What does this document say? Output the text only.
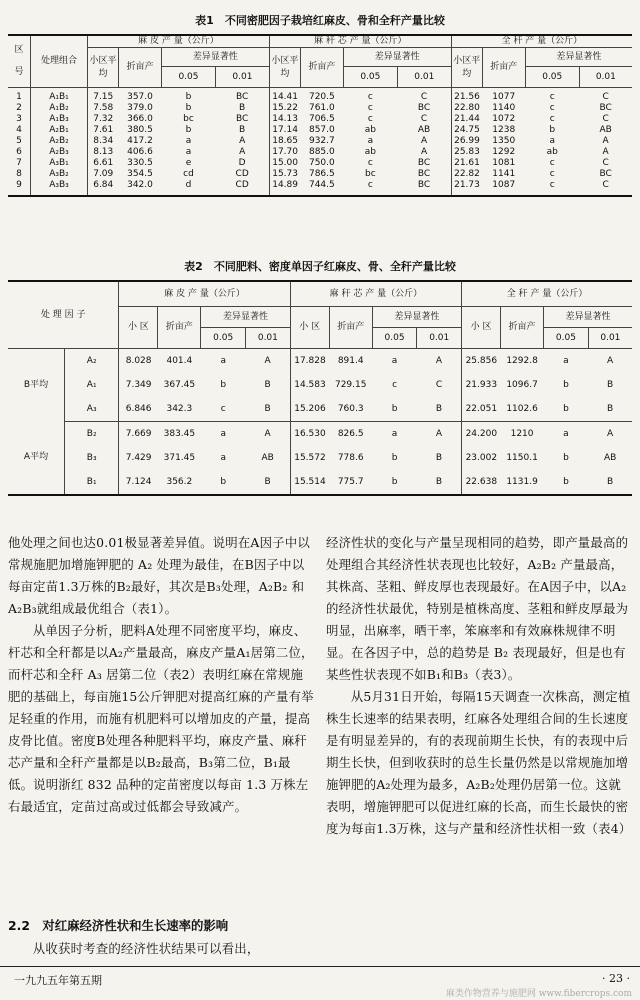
表1　不同密肥因子栽培红麻皮、骨和全秆产量比较
区

号	处理组合	麻 皮 产 量（公斤）				麻 秆 芯 产 量（公斤）				全 秆 产 量（公斤）			
		小区平均	折亩产	差异显著性		小区平均	折亩产	差异显著性		小区平均	折亩产	差异显著性	
				0.05	0.01			0.05	0.01			0.05	0.01
1	A₁B₁	7.15	357.0	b	BC	14.41	720.5	c	C	21.56	1077	c	C
2	A₁B₂	7.58	379.0	b	B	15.22	761.0	c	BC	22.80	1140	c	BC
3	A₁B₃	7.32	366.0	bc	BC	14.13	706.5	c	C	21.44	1072	c	C
4	A₂B₁	7.61	380.5	b	B	17.14	857.0	ab	AB	24.75	1238	b	AB
5	A₂B₂	8.34	417.2	a	A	18.65	932.7	a	A	26.99	1350	a	A
6	A₂B₃	8.13	406.6	a	A	17.70	885.0	ab	A	25.83	1292	ab	A
7	A₃B₁	6.61	330.5	e	D	15.00	750.0	c	BC	21.61	1081	c	C
8	A₃B₂	7.09	354.5	cd	CD	15.73	786.5	bc	BC	22.82	1141	c	BC
9	A₃B₃	6.84	342.0	d	CD	14.89	744.5	c	BC	21.73	1087	c	C
表2　不同肥料、密度单因子红麻皮、骨、全秆产量比较
处 理 因 子		麻 皮 产 量（公斤）				麻 秆 芯 产 量（公斤）				全 秆 产 量（公斤）			
		小 区	折亩产	差异显著性		小 区	折亩产	差异显著性		小 区	折亩产	差异显著性	
				0.05	0.01			0.05	0.01			0.05	0.01
B平均	A₂	8.028	401.4	a	A	17.828	891.4	a	A	25.856	1292.8	a	A
	A₁	7.349	367.45	b	B	14.583	729.15	c	C	21.933	1096.7	b	B
	A₃	6.846	342.3	c	B	15.206	760.3	b	B	22.051	1102.6	b	B
A平均	B₂	7.669	383.45	a	A	16.530	826.5	a	A	24.200	1210	a	A
	B₃	7.429	371.45	a	AB	15.572	778.6	b	B	23.002	1150.1	b	AB
	B₁	7.124	356.2	b	B	15.514	775.7	b	B	22.638	1131.9	b	B

他处理之间也达0.01极显著差异值。说明在A因子中以常规施肥加增施钾肥的 A₂ 处理为最佳，在B因子中以每亩定苗1.3万株的B₂最好，其次是B₃处理，A₂B₂ 和 A₂B₃就组成最优组合（表1）。

从单因子分析，肥料A处理不同密度平均，麻皮、杆芯和全秆都是以A₂产量最高，麻皮产量A₁居第二位，而杆芯和全秆 A₃ 居第二位（表2）表明红麻在常规施肥的基础上，每亩施15公斤钾肥对提高红麻的产量有举足轻重的作用，而施有机肥料可以增加皮的产量，提高皮骨比值。密度B处理各种肥料平均，麻皮产量、麻秆芯产量和全秆产量都是以B₂最高，B₃第二位，B₁最低。说明浙红 832 品种的定苗密度以每亩 1.3 万株左右最适宜，定苗过高或过低都会导致减产。

2.2　对红麻经济性状和生长速率的影响

从收获时考查的经济性状结果可以看出，

经济性状的变化与产量呈现相同的趋势，即产量最高的处理组合其经济性状表现也比较好，A₂B₂ 产量最高，其株高、茎粗、鲜皮厚也表现最好。在A因子中，以A₂的经济性状最优，特别是植株高度、茎粗和鲜皮厚最为明显，出麻率，晒干率，笨麻率和有效麻株规律不明显。在各因子中，总的趋势是 B₂ 表现最好，但是也有某些性状表现不如B₁和B₃（表3）。

从5月31日开始，每隔15天调查一次株高，测定植株生长速率的结果表明，红麻各处理组合间的生长速度是有明显差异的，有的表现前期生长快，有的表现中后期生长快，但到收获时的总生长量仍然是以常规施加增施钾肥的A₂处理为最多，A₂B₂处理仍居第一位。这就表明，增施钾肥可以促进红麻的长高，而生长最快的密度为每亩1.3万株，这与产量和经济性状相一致（表4）

一九九五年第五期	· 23 ·
麻类作物营养与施肥网 www.fibercrops.com
